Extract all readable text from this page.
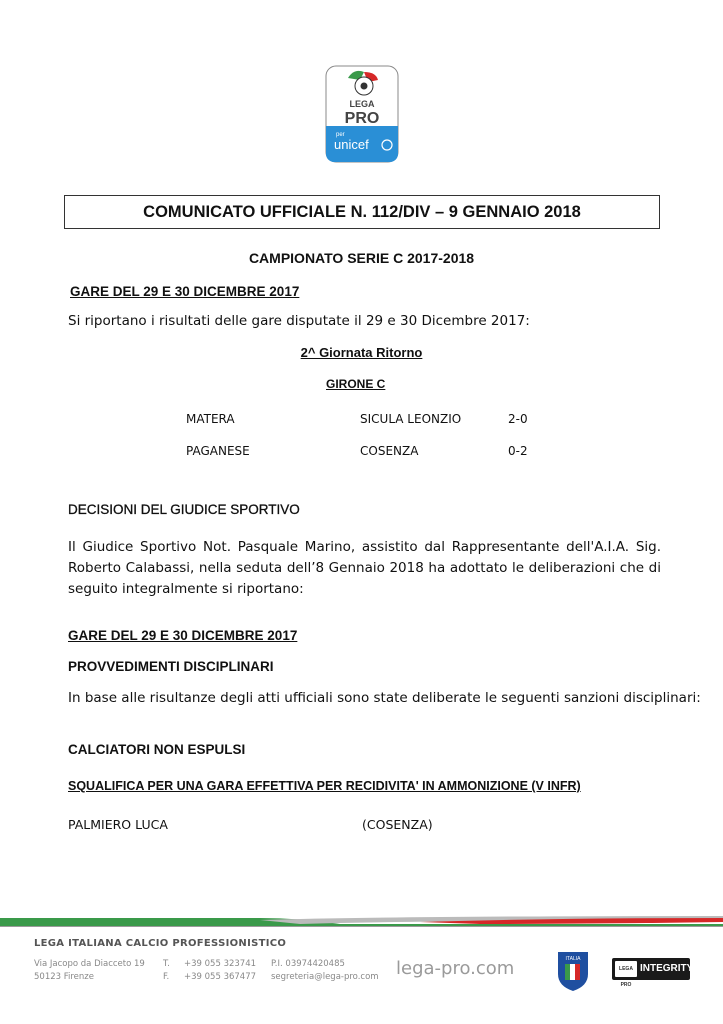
LEGA
PRO
per
unicef
COMUNICATO UFFICIALE N. 112/DIV – 9 GENNAIO 2018
CAMPIONATO SERIE C 2017-2018
GARE DEL 29 E 30 DICEMBRE 2017
Si riportano i risultati delle gare disputate il 29 e 30 Dicembre 2017:
2^ Giornata Ritorno
GIRONE C
MATERA	SICULA LEONZIO	2-0
PAGANESE	COSENZA	0-2
DECISIONI DEL GIUDICE SPORTIVO
Il Giudice Sportivo Not. Pasquale Marino, assistito dal Rappresentante dell'A.I.A. Sig. Roberto Calabassi, nella seduta dell’8 Gennaio 2018 ha adottato le deliberazioni che di seguito integralmente si riportano:
GARE DEL 29 E 30 DICEMBRE 2017
PROVVEDIMENTI DISCIPLINARI
In base alle risultanze degli atti ufficiali sono state deliberate le seguenti sanzioni disciplinari:
CALCIATORI NON ESPULSI
SQUALIFICA PER UNA GARA EFFETTIVA PER RECIDIVITA' IN AMMONIZIONE (V INFR)
PALMIERO LUCA	(COSENZA)
LEGA ITALIANA CALCIO PROFESSIONISTICO
Via Jacopo da Diacceto 19
50123 Firenze
T.
F.
+39 055 323741
+39 055 367477
P.I. 03974420485
segreteria@lega-pro.com lega-pro.com	ITALIA
LEGA PRO
INTEGRITY
